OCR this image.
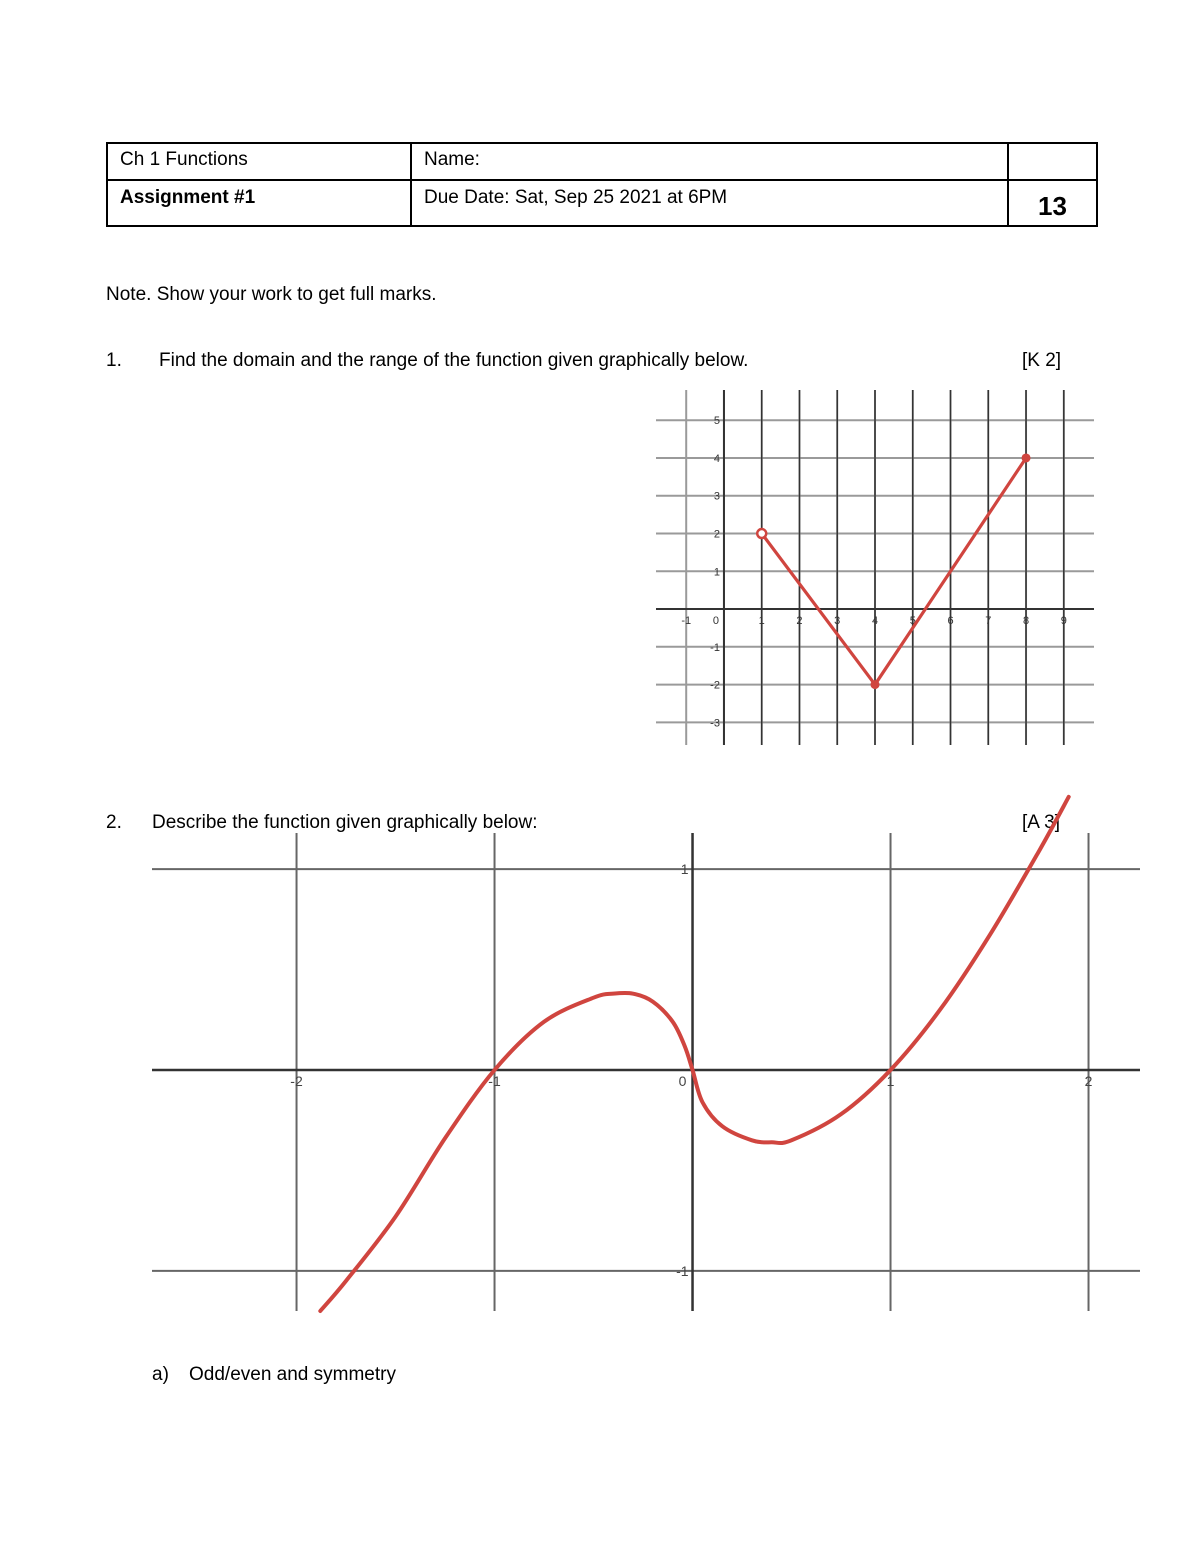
Ch 1 Functions	Name:	
Assignment #1	Due Date: Sat, Sep 25 2021 at 6PM	13
Note. Show your work to get full marks.
1. Find the domain and the range of the function given graphically below.	[K 2]
-1 0	1	2	3	4	5	6	7	8	9
5
4
3
2
1
-1
-2
-3
2. Describe the function given graphically below:	[A 3]
-2	-1	0	1	2
1
-1
a) Odd/even and symmetry
